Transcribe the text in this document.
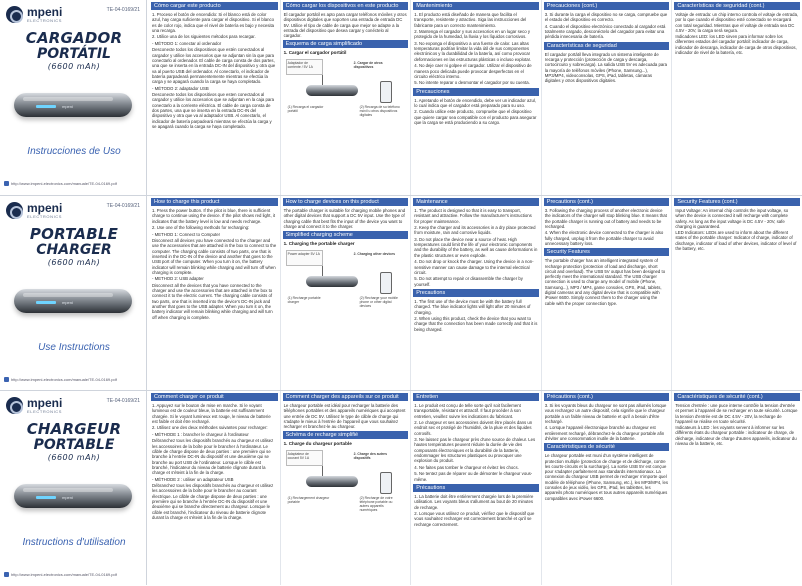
mpeni
ELECTRONICS
TE-04-0169/21
CARGADOR
PORTÁTIL
(6600 mAh)
mpeni
Instrucciones de Uso
http://www.impeni-electronics.com/manuale/TE-04-0169.pdf
Cómo cargar este producto
1. Proceso el botón de encendido: Si el blanco está de color azul, hay carga suficiente para cargar el dispositivo. Si el blanco es de color rojo, indica que el nivel de batería es bajo y necesita una recarga.
2. Utilice una de los siguientes métodos para recargar.
- MÉTODO 1: conectar al ordenador
Desconecte todos los dispositivos que estén conectados al cargador y utilice los accesorios que se adjuntan sin la que para conectarlo al ordenador. El cable de carga consta de dos partes, una que se inserta en la entrada DC-IN del dispositivo y otra que va al puerto USB del ordenador. Al conectarlo, el indicador de batería parpadeará permanentemente mientras se efectúa la carga y se apagará cuando la carga se haya completado.
- MÉTODO 2: adaptador USB
Desconecte todos los dispositivos que esten conectados al cargador y utilice los accesorios que se adjuntan en la caja para conectarlo a la corriente eléctrica. El cable de carga consta de dos partes, una que se inserta en la entrada DC-IN del dispositivo y otra que va al adaptador USB. Al conectarlo, el indicador de batería parpadeará mientras se efectúa la carga y se apagará cuando la carga se haya completado.
Cómo cargar los dispositivos en este producto
El cargador portátil es apto para cargar teléfonos móviles y otros dispositivos digitales que soporten una entrada de entrada DC 5V. Utilice el tipo de cable de carga que mejor se adapte a la entrada del dispositivo que desea cargar y conéctelo al cargador.
Esquema de carga simplificado
1. Cargar el cargador portátil
Adaptador de corriente / 5V 1A
2. Cargar de otros dispositivos
(1) Recarga el cargador portátil
(2) Recarga de su teléfono móvil u otros dispositivos digitales
Mantenimiento
1. El producto está diseñado de manera que facilita el transporte, resistente y atractivo. Siga las instrucciones del fabricante para un correcto mantenimiento.
2. Mantenga el cargador y sus accesorios en un lugar seco y protegido de la humedad, la lluvia y los líquidos corrosivos.
3. No exponga el dispositivo a una fuente de calor. Las altas temperaturas podrían limitar la vida útil de sus componentes electrónicos y la durabilidad de la batería, así como provocar deformaciones en las estructuras plásticas o incluso explotar.
4. No deje caer ni golpee el cargador. Utilizar el dispositivo de manera poco delicada puede provocar desperfectos en el circuito eléctrico interno.
5. No intente reparar o desmontar el cargador por su cuenta.
Precauciones
1. Apretando el botón de encendido, debe ver un indicador azul, lo cual indica que el cargador está preparado para su uso.
2. Cuando utilice este producto, compruebe que el dispositivo que quiere cargar sea compatible con el producto para asegurar que la carga se está produciendo a su cargo.
Precauciones (cont.)
3. Si durante la carga el dispositivo no se carga, compruebe que el estado del dispositivo es correcto.
4. Cuando el dispositivo electrónico conectado al cargador está totalmente cargado, desconéctelo del cargador para evitar una pérdida innecesaria de batería.
Características de seguridad
El cargador portátil lleva integrado un sistema inteligente de recarga y protección (protección de carga y descarga, cortocircuito y sobrecarga). La salida USB 5V es adecuada para la mayoría de teléfonos móviles (iPhone, Samsung...), MP3/MP4, videoconsolas, GPS, iPad, tabletas, cámaras digitales y otros dispositivos digitales.
Características de seguridad (cont.)
Voltaje de entrada: un chip interno controla el voltaje de entrada, por lo que cuando el dispositivo esté conectado se recargará con total seguridad. Mientras que el voltaje de entrada sea DC 4.5V - 20V, la carga será segura.
Indicadores LED: los LED sirven para informar sobre los diferentes estados del cargador portátil: indicador de carga, indicador de descarga, indicador de carga de otros dispositivos, indicador de nivel de la batería, etc.
mpeni
ELECTRONICS
TE-04-0169/21
PORTABLE
CHARGER
(6600 mAh)
mpeni
Use Instructions
http://www.impeni-electronics.com/manuale/TE-04-0169.pdf
How to charge this product
1. Press the power button. If the pilot is blue, there is sufficient charge to continue using the device. If the pilot shows red light, it indicates that the battery level is low and needs recharge.
2. Use one of the following methods for recharging:
- METHOD 1: Connect to Computer
Disconnect all devices you have connected to the charger and use the accessories that are attached in the box to connect to the computer. The charging cable consists of two parts, one that is inserted in the DC-IN of the device and another that goes to the USB port of the computer. When you turn it on, the battery indicator will remain blinking while charging and will turn off when charging is complete.
- METHOD 2: USB adapter
Disconnect all the devices that you have connected to the charger and use the accessories that are attached in the box to connect it to the electric current. The charging cable consists of two parts, one that is inserted into the device's DC-IN jack and another that goes to the USB adapter. When you turn it on, the battery indicator will remain blinking while charging and will turn off when charging is complete.
How to charge devices on this product
The portable charger is suitable for charging mobile phones and other digital devices that support a DC 5V input. Use the type of charging cable that best fits the input of the device you want to charge and connect it to the charger.
Simplified charging scheme
1. Charging the portable charger
Power adapter 5V 1A	2. Charging other devices
(1) Recharge portable charger
(2) Recharge your mobile phone or other digital devices
Maintenance
1. The product is designed so that it is easy to transport, resistant and attractive. Follow the manufacturer's instructions for proper maintenance.
2. Keep the charger and its accessories in a dry place protected from moisture, rain and corrosive liquids.
3. Do not place the device near a source of heat. High temperatures could limit the life of your electronic components and the durability of the battery, as well as cause deformations in the plastic structures or even explode.
4. Do not drop or knock the charger. Using the device in a non-sensitive manner can cause damage to the internal electrical circuit.
5. Do not attempt to repair or disassemble the charger by yourself.
Precautions
1. The first use of the device must be with the battery full charged. The blue indicator lights will light after 20 minutes of charging.
2. When using this product, check the device that you want to charge that the connection has been made correctly and that it is being charged.
Precautions (cont.)
3. Following the charging process of another electronic device the indicators of the charger will stop blinking blue. It means that the portable charger is running out of battery and needs to be recharged.
4. When the electronic device connected to the charger is also fully charged, unplug it from the portable charger to avoid unnecessary battery loss.
Security Features
The portable charger has an intelligent integrated system of recharge protection (protection of load and discharge, short circuit and overload). The USB 5V output has been designed to perfectly meet the international standard. The USB charger connection is used to charge any model of mobile (iPhone, Samsung...), MP3 / MP4, game consoles, GPS, iPad, tablets, digital cameras and any digital device that is compatible with iPower 6600. Simply connect them to the charger using the cable with the proper connection type.
Security Features (cont.)
Input Voltage: An internal chip controls the input voltage, so when the device is connected it will recharge with complete safety. As long as the input voltage is DC 4.5V - 20V, safe charging is guaranteed.
LED Indicators: LEDs are used to inform about the different states of the portable charger: Indicator of charge, indicator of discharge, indicator of load of other devices, indicator of level of the battery, etc.
mpeni
ELECTRONICS
TE-04-0169/21
CHARGEUR
PORTABLE
(6600 mAh)
mpeni
Instructions d'utilisation
http://www.impeni-electronics.com/manuale/TE-04-0169.pdf
Comment charger ce produit
1. Appuyez sur le bouton de mise en marche. Si le voyant lumineux est de couleur bleue, la batterie est suffisamment chargée. Si le voyant lumineux est rouge, le niveau de batterie est faible et doit être rechargé.
2. Utilisez une des deux méthodes suivantes pour recharger:
- MÉTHODE 1 : brancher le chargeur à l'ordinateur
Débranchez tous les dispositifs branchés au chargeur et utilisez les accessoires de la boîte pour le brancher à l'ordinateur. Le câble de charge dispose de deux parties : une première qui se branche à l'entrée DC-IN du dispositif et une deuxième qui se branche au port USB de l'ordinateur. Lorsque le câble est branché, l'indicateur du niveau de batterie clignote durant la charge et s'éteint à la fin de la charge.
- MÉTHODE 2 : utiliser un adaptateur USB
Débranchez tous les dispositifs branchés au chargeur et utilisez les accessoires de la boîte pour le brancher au courant électrique. Le câble de charge dispose de deux parties : une première qui se branche à l'entrée DC-IN du dispositif et une deuxième qui se branche directement au chargeur. Lorsque le câble est branché, l'indicateur du niveau de batterie clignote durant la charge et s'éteint à la fin de la charge.
Comment charger des appareils sur ce produit
Le chargeur portable est idéal pour recharger la batterie des téléphones portables et des appareils numériques qui acceptent une entrée de DC 5V. Utilisez le type de câble de charge qui s'adapte le mieux à l'entrée de l'appareil que vous souhaitez recharger et branchez-le au chargeur.
Schéma de recharge simplifié
1. Charge du chargeur portable
Adaptateur de courant 5V 1A
2. Charge des autres dispositifs
(1) Rechargement chargeur portable
(2) Recharge de votre téléphone portable ou autres appareils numériques
Entretien
1. Le produit est conçu de telle sorte qu'il soit facilement transportable, résistant et attractif. Il faut procéder à son entretien, veuillez suivre les indications du fabricant.
2. Le chargeur et ses accessoires doivent être placés dans un endroit sec et protégé de l'humidité, de la pluie et des liquides corrosifs.
3. Ne laissez pas le chargeur près d'une source de chaleur. Les hautes températures peuvent réduire la durée de vie des composants électroniques et la durabilité de la batterie, endommager les structures plastiques ou provoquer une explosion du produit.
4. Ne faites pas tomber le chargeur et évitez les chocs.
5. Ne tentez pas de réparer ou de démonter le chargeur vous-même.
Précautions
1. La batterie doit être entièrement chargée lors de la première utilisation. Les voyants bleus s'allument au bout de 20 minutes de recharge.
2. Lorsque vous utilisez ce produit, vérifiez que le dispositif que vous souhaitez recharger est correctement branché et qu'il se recharge correctement.
Précautions (cont.)
3. Si les voyants bleus du chargeur ne sont pas allumés lorsque vous rechargez un autre dispositif, cela signifie que le chargeur portable a un faible niveau de batterie et qu'il a besoin d'être rechargé.
4. Lorsque l'appareil électronique branché au chargeur est entièrement rechargé, débranchez-le du chargeur portable afin d'éviter une consommation inutile de la batterie.
Caractéristiques de sécurité
Le chargeur portable est muni d'un système intelligent de protection multiple (protection de charge et de décharge, contre les courts-circuits et la surcharge). La sortie USB 5V est conçue pour s'adapter parfaitement aux standards internationaux. La connexion du chargeur USB permet de recharger n'importe quel modèle de téléphone (iPhone, Samsung, etc.), les MP3/MP4, les consoles de jeux vidéo, les GPS, iPad, les tablettes, les appareils photo numériques et tous autres appareils numériques compatibles avec iPower 6600.
Caractéristiques de sécurité (cont.)
Tension d'entrée : une puce interne contrôle la tension d'entrée et permet à l'appareil de se recharger en toute sécurité. Lorsque la tension d'entrée est de DC 4.5V - 20V, la recharge de l'appareil se réalise en toute sécurité.
Indicateurs à LED : les voyants servent à informer sur les différents états du chargeur portable : indicateur de charge, de décharge, indicateur de charge d'autres appareils, indicateur du niveau de la batterie, etc.
